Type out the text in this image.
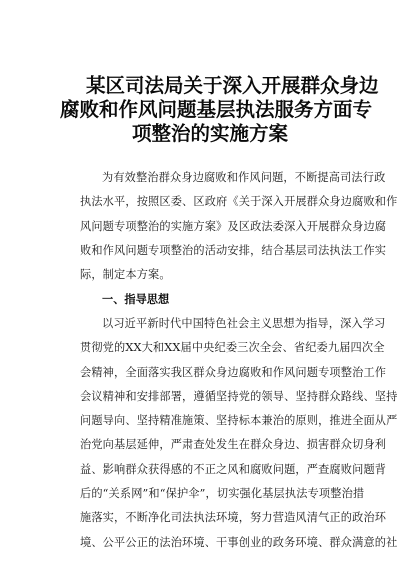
某区司法局关于深入开展群众身边
腐败和作风问题基层执法服务方面专
项整治的实施方案
为有效整治群众身边腐败和作风问题，不断提高司法行政
执法水平，按照区委、区政府《关于深入开展群众身边腐败和作
风问题专项整治的实施方案》及区政法委深入开展群众身边腐
败和作风问题专项整治的活动安排，结合基层司法执法工作实
际，制定本方案。
一、指导思想
以习近平新时代中国特色社会主义思想为指导，深入学习
贯彻党的XX大和XX届中央纪委三次全会、省纪委九届四次全
会精神，全面落实我区群众身边腐败和作风问题专项整治工作
会议精神和安排部署，遵循坚持党的领导、坚持群众路线、坚持
问题导向、坚持精准施策、坚持标本兼治的原则，推进全面从严
治党向基层延伸，严肃查处发生在群众身边、损害群众切身利
益、影响群众获得感的不正之风和腐败问题，严查腐败问题背
后的“关系网”和“保护伞”，切实强化基层执法专项整治措
施落实，不断净化司法执法环境，努力营造风清气正的政治环
境、公平公正的法治环境、干事创业的政务环境、群众满意的社
